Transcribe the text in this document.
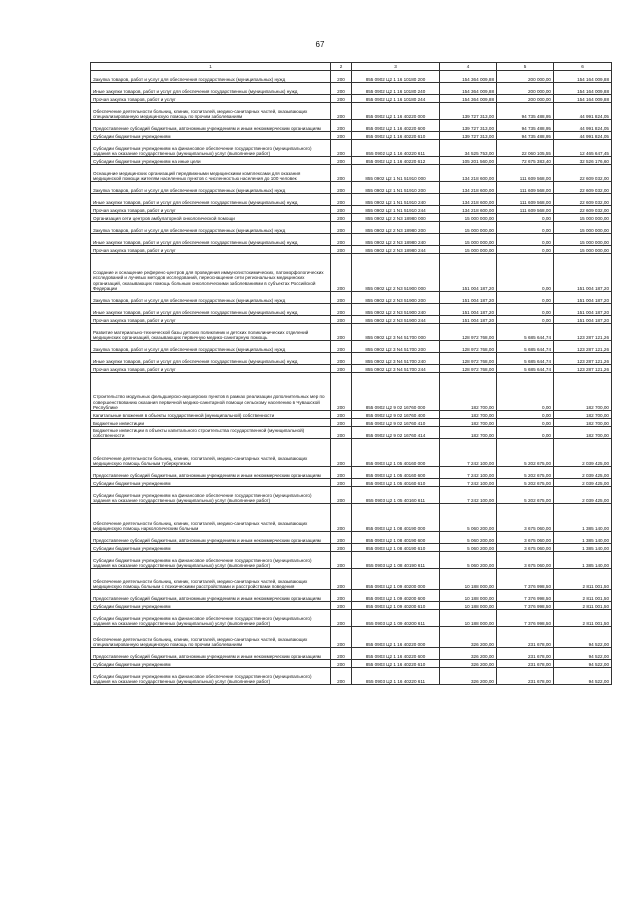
67
1	2	3	4	5	6
Закупка товаров, работ и услуг для обеспечения государственных (муниципальных) нужд	200	855 0902 Ц2 1 16 10180 200	154 364 009,88	200 000,00	154 164 009,88
Иные закупки товаров, работ и услуг для обеспечения государственных (муниципальных) нужд	200	855 0902 Ц2 1 16 10180 240	154 364 009,88	200 000,00	154 164 009,88
Прочая закупка товаров, работ и услуг	200	855 0902 Ц2 1 16 10180 244	154 364 009,88	200 000,00	154 164 009,88
Обеспечение деятельности больниц, клиник, госпиталей, медико-санитарных частей, оказывающих специализированную медицинскую помощь по прочим заболеваниям	200	855 0902 Ц2 1 16 40220 000	139 727 313,00	94 735 488,95	44 991 824,05
Предоставление субсидий бюджетным, автономным учреждениям и иным некоммерческим организациям	200	855 0902 Ц2 1 16 40220 600	139 727 313,00	94 735 488,95	44 991 824,05
Субсидии бюджетным учреждениям	200	855 0902 Ц2 1 16 40220 610	139 727 313,00	94 735 488,95	44 991 824,05
Субсидии бюджетным учреждениям на финансовое обеспечение государственного (муниципального) задания на оказание государственных (муниципальных) услуг (выполнение работ)	200	855 0902 Ц2 1 16 40220 611	34 525 753,00	22 060 105,55	12 465 647,45
Субсидии бюджетным учреждениям на иные цели	200	855 0902 Ц2 1 16 40220 612	105 201 560,00	72 675 383,40	32 526 176,60
Оснащение медицинских организаций передвижными медицинскими комплексами для оказания медицинской помощи жителям населенных пунктов с численностью населения до 100 человек	200	855 0902 Ц2 1 N1 51910 000	134 218 600,00	111 609 568,00	22 609 032,00
Закупка товаров, работ и услуг для обеспечения государственных (муниципальных) нужд	200	855 0902 Ц2 1 N1 51910 200	134 218 600,00	111 609 568,00	22 609 032,00
Иные закупки товаров, работ и услуг для обеспечения государственных (муниципальных) нужд	200	855 0902 Ц2 1 N1 51910 240	134 218 600,00	111 609 568,00	22 609 032,00
Прочая закупка товаров, работ и услуг	200	855 0902 Ц2 1 N1 51910 244	134 218 600,00	111 609 568,00	22 609 032,00
Организация сети центров амбулаторной онкологической помощи	200	855 0902 Ц2 2 N3 18980 000	15 000 000,00	0,00	15 000 000,00
Закупка товаров, работ и услуг для обеспечения государственных (муниципальных) нужд	200	855 0902 Ц2 2 N3 18980 200	15 000 000,00	0,00	15 000 000,00
Иные закупки товаров, работ и услуг для обеспечения государственных (муниципальных) нужд	200	855 0902 Ц2 2 N3 18980 240	15 000 000,00	0,00	15 000 000,00
Прочая закупка товаров, работ и услуг	200	855 0902 Ц2 2 N3 18980 244	15 000 000,00	0,00	15 000 000,00
Создание и оснащение референс-центров для проведения иммуногистохимических, патоморфологических исследований и лучевых методов исследований, переоснащение сети региональных медицинских организаций, оказывающих помощь больным онкологическими заболеваниями в субъектах Российской Федерации	200	855 0902 Ц2 2 N3 51900 000	151 004 187,20	0,00	151 004 187,20
Закупка товаров, работ и услуг для обеспечения государственных (муниципальных) нужд	200	855 0902 Ц2 2 N3 51900 200	151 004 187,20	0,00	151 004 187,20
Иные закупки товаров, работ и услуг для обеспечения государственных (муниципальных) нужд	200	855 0902 Ц2 2 N3 51900 240	151 004 187,20	0,00	151 004 187,20
Прочая закупка товаров, работ и услуг	200	855 0902 Ц2 2 N3 51900 244	151 004 187,20	0,00	151 004 187,20
Развитие материально-технической базы детских поликлиник и детских поликлинических отделений медицинских организаций, оказывающих первичную медико-санитарную помощь	200	855 0902 Ц2 3 N4 51700 000	128 972 768,00	5 685 644,74	123 287 121,26
Закупка товаров, работ и услуг для обеспечения государственных (муниципальных) нужд	200	855 0902 Ц2 3 N4 51700 200	128 972 768,00	5 685 644,74	123 287 121,26
Иные закупки товаров, работ и услуг для обеспечения государственных (муниципальных) нужд	200	855 0902 Ц2 3 N4 51700 240	128 972 768,00	5 685 644,74	123 287 121,26
Прочая закупка товаров, работ и услуг	200	855 0902 Ц2 3 N4 51700 244	128 972 768,00	5 685 644,74	123 287 121,26
Строительство модульных фельдшерско-акушерских пунктов в рамках реализации дополнительных мер по совершенствованию оказания первичной медико-санитарной помощи сельскому населению в Чувашской Республике	200	855 0902 Ц2 9 02 16760 000	182 700,00	0,00	182 700,00
Капитальные вложения в объекты государственной (муниципальной) собственности	200	855 0902 Ц2 9 02 16760 400	182 700,00	0,00	182 700,00
Бюджетные инвестиции	200	855 0902 Ц2 9 02 16760 410	182 700,00	0,00	182 700,00
Бюджетные инвестиции в объекты капитального строительства государственной (муниципальной) собственности	200	855 0902 Ц2 9 02 16760 414	182 700,00	0,00	182 700,00
Обеспечение деятельности больниц, клиник, госпиталей, медико-санитарных частей, оказывающих медицинскую помощь больным туберкулезом	200	855 0903 Ц2 1 05 40160 000	7 242 100,00	5 202 675,00	2 039 425,00
Предоставление субсидий бюджетным, автономным учреждениям и иным некоммерческим организациям	200	855 0903 Ц2 1 05 40160 600	7 242 100,00	5 202 675,00	2 039 425,00
Субсидии бюджетным учреждениям	200	855 0903 Ц2 1 05 40160 610	7 242 100,00	5 202 675,00	2 039 425,00
Субсидии бюджетным учреждениям на финансовое обеспечение государственного (муниципального) задания на оказание государственных (муниципальных) услуг (выполнение работ)	200	855 0903 Ц2 1 05 40160 611	7 242 100,00	5 202 675,00	2 039 425,00
Обеспечение деятельности больниц, клиник, госпиталей, медико-санитарных частей, оказывающих медицинскую помощь наркологическим больным	200	855 0903 Ц2 1 08 40190 000	5 060 200,00	3 675 060,00	1 385 140,00
Предоставление субсидий бюджетным, автономным учреждениям и иным некоммерческим организациям	200	855 0903 Ц2 1 08 40190 600	5 060 200,00	3 675 060,00	1 385 140,00
Субсидии бюджетным учреждениям	200	855 0903 Ц2 1 08 40190 610	5 060 200,00	3 675 060,00	1 385 140,00
Субсидии бюджетным учреждениям на финансовое обеспечение государственного (муниципального) задания на оказание государственных (муниципальных) услуг (выполнение работ)	200	855 0903 Ц2 1 08 40190 611	5 060 200,00	3 675 060,00	1 385 140,00
Обеспечение деятельности больниц, клиник, госпиталей, медико-санитарных частей, оказывающих медицинскую помощь больным с психическими расстройствами и расстройствами поведения	200	855 0903 Ц2 1 09 40200 000	10 188 000,00	7 376 998,50	2 811 001,50
Предоставление субсидий бюджетным, автономным учреждениям и иным некоммерческим организациям	200	855 0903 Ц2 1 09 40200 600	10 188 000,00	7 376 998,50	2 811 001,50
Субсидии бюджетным учреждениям	200	855 0903 Ц2 1 09 40200 610	10 188 000,00	7 376 998,50	2 811 001,50
Субсидии бюджетным учреждениям на финансовое обеспечение государственного (муниципального) задания на оказание государственных (муниципальных) услуг (выполнение работ)	200	855 0903 Ц2 1 09 40200 611	10 188 000,00	7 376 998,50	2 811 001,50
Обеспечение деятельности больниц, клиник, госпиталей, медико-санитарных частей, оказывающих специализированную медицинскую помощь по прочим заболеваниям	200	855 0903 Ц2 1 16 40220 000	326 200,00	231 678,00	94 522,00
Предоставление субсидий бюджетным, автономным учреждениям и иным некоммерческим организациям	200	855 0903 Ц2 1 16 40220 600	326 200,00	231 678,00	94 522,00
Субсидии бюджетным учреждениям	200	855 0903 Ц2 1 16 40220 610	326 200,00	231 678,00	94 522,00
Субсидии бюджетным учреждениям на финансовое обеспечение государственного (муниципального) задания на оказание государственных (муниципальных) услуг (выполнение работ)	200	855 0903 Ц2 1 16 40220 611	326 200,00	231 678,00	94 522,00
